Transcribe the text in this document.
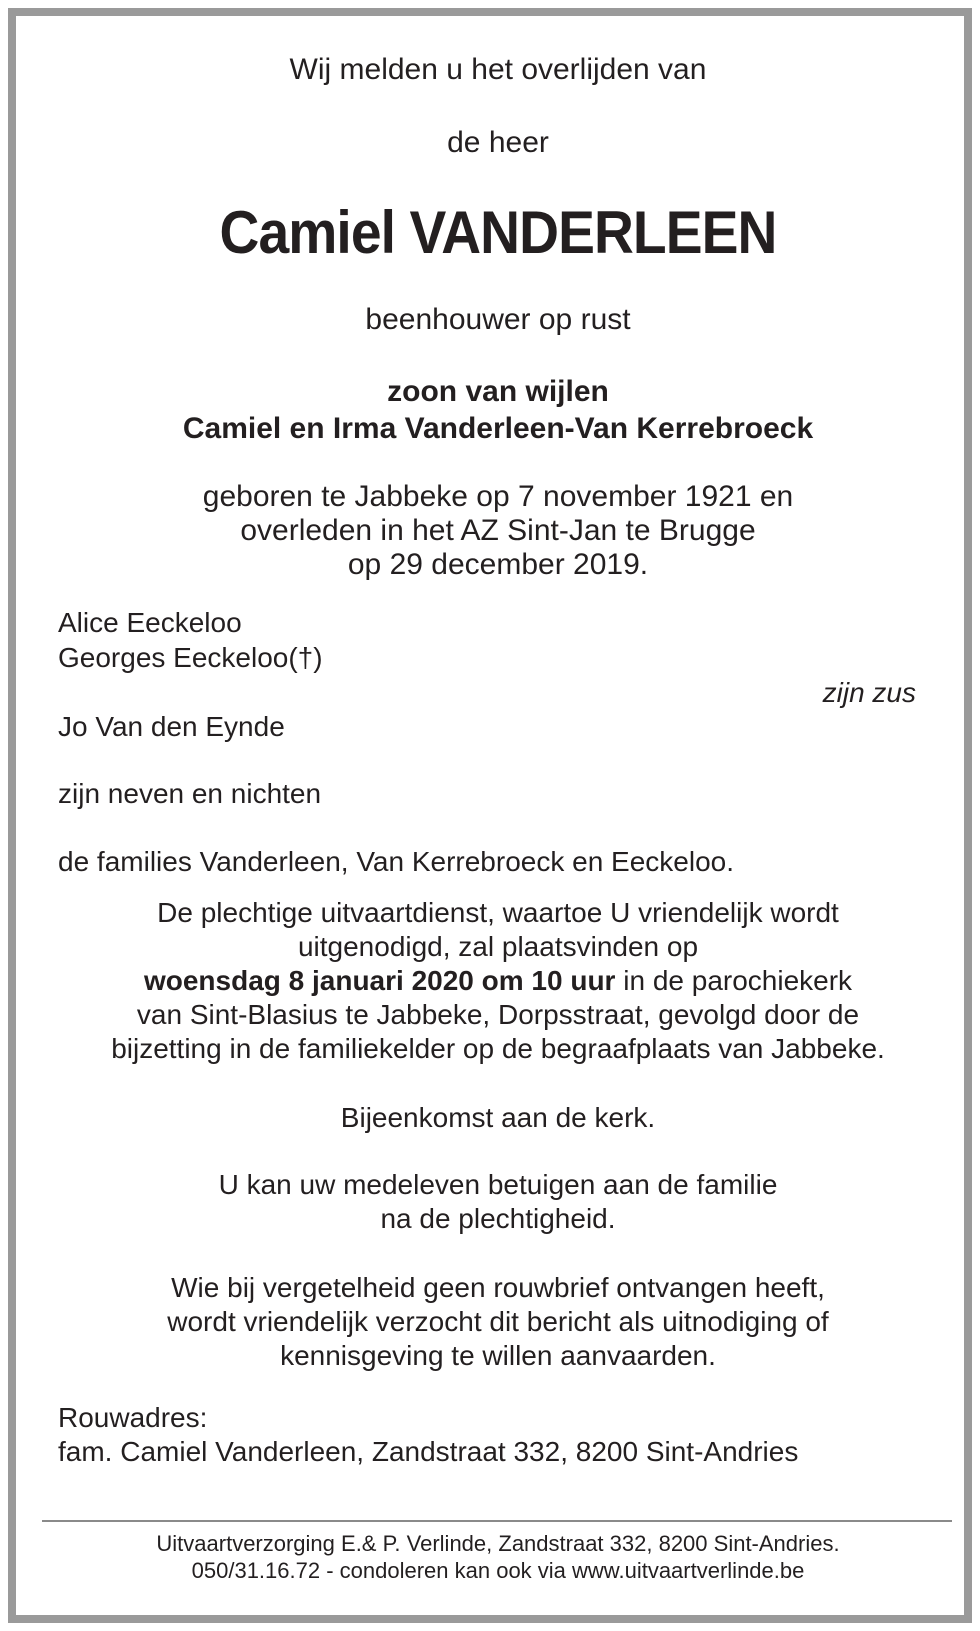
Wij melden u het overlijden van
de heer
Camiel VANDERLEEN
beenhouwer op rust
zoon van wijlen
Camiel en Irma Vanderleen-Van Kerrebroeck
geboren te Jabbeke op 7 november 1921 en
overleden in het AZ Sint-Jan te Brugge
op 29 december 2019.
Alice Eeckeloo
Georges Eeckeloo(†)
zijn zus
Jo Van den Eynde
zijn neven en nichten
de families Vanderleen, Van Kerrebroeck en Eeckeloo.
De plechtige uitvaartdienst, waartoe U vriendelijk wordt
uitgenodigd, zal plaatsvinden op
woensdag 8 januari 2020 om 10 uur in de parochiekerk
van Sint-Blasius te Jabbeke, Dorpsstraat, gevolgd door de
bijzetting in de familiekelder op de begraafplaats van Jabbeke.
Bijeenkomst aan de kerk.
U kan uw medeleven betuigen aan de familie
na de plechtigheid.
Wie bij vergetelheid geen rouwbrief ontvangen heeft,
wordt vriendelijk verzocht dit bericht als uitnodiging of
kennisgeving te willen aanvaarden.
Rouwadres:
fam. Camiel Vanderleen, Zandstraat 332, 8200 Sint-Andries
Uitvaartverzorging E.& P. Verlinde, Zandstraat 332, 8200 Sint-Andries.
050/31.16.72 - condoleren kan ook via www.uitvaartverlinde.be
